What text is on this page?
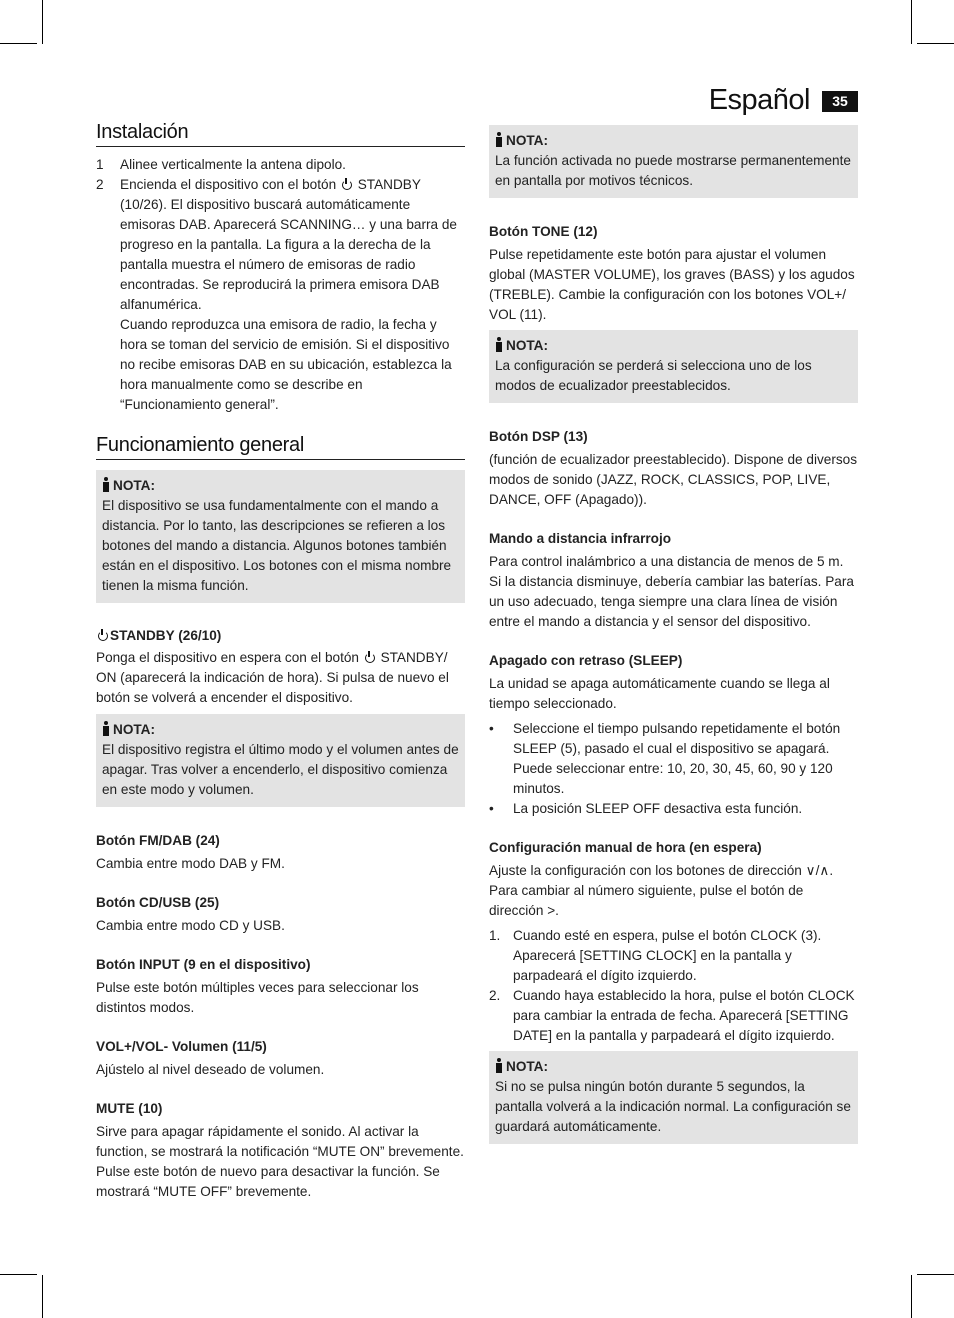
Español	35
Instalación
1 Alinee verticalmente la antena dipolo.
2 Encienda el dispositivo con el botón STANDBY (10/26). El dispositivo buscará automáticamente emisoras DAB. Aparecerá SCANNING… y una barra de progreso en la pantalla. La figura a la derecha de la pantalla muestra el número de emisoras de radio encontradas. Se reproducirá la primera emisora DAB alfanumérica.
Cuando reproduzca una emisora de radio, la fecha y hora se toman del servicio de emisión. Si el dispositivo no recibe emisoras DAB en su ubicación, establezca la hora manualmente como se describe en “Funcionamiento general”.
Funcionamiento general
NOTA:

El dispositivo se usa fundamentalmente con el mando a distancia. Por lo tanto, las descripciones se refieren a los botones del mando a distancia. Algunos botones también están en el dispositivo. Los botones con el misma nombre tienen la misma función.

STANDBY (26/10)

Ponga el dispositivo en espera con el botón STANDBY/ ON (aparecerá la indicación de hora). Si pulsa de nuevo el botón se volverá a encender el dispositivo.

NOTA:

El dispositivo registra el último modo y el volumen antes de apagar. Tras volver a encenderlo, el dispositivo comienza en este modo y volumen.

Botón FM/DAB (24)

Cambia entre modo DAB y FM.

Botón CD/USB (25)

Cambia entre modo CD y USB.

Botón INPUT (9 en el dispositivo)

Pulse este botón múltiples veces para seleccionar los distintos modos.

VOL+/VOL- Volumen (11/5)

Ajústelo al nivel deseado de volumen.

MUTE (10)

Sirve para apagar rápidamente el sonido. Al activar la function, se mostrará la notificación “MUTE ON” brevemente. Pulse este botón de nuevo para desactivar la función. Se mostrará “MUTE OFF” brevemente.

NOTA:

La función activada no puede mostrarse permanentemente en pantalla por motivos técnicos.

Botón TONE (12)

Pulse repetidamente este botón para ajustar el volumen global (MASTER VOLUME), los graves (BASS) y los agudos (TREBLE). Cambie la configuración con los botones VOL+/ VOL (11).

NOTA:

La configuración se perderá si selecciona uno de los modos de ecualizador preestablecidos.

Botón DSP (13)

(función de ecualizador preestablecido). Dispone de diversos modos de sonido (JAZZ, ROCK, CLASSICS, POP, LIVE, DANCE, OFF (Apagado)).

Mando a distancia infrarrojo

Para control inalámbrico a una distancia de menos de 5 m. Si la distancia disminuye, debería cambiar las baterías. Para un uso adecuado, tenga siempre una clara línea de visión entre el mando a distancia y el sensor del dispositivo.

Apagado con retraso (SLEEP)

La unidad se apaga automáticamente cuando se llega al tiempo seleccionado.

• Seleccione el tiempo pulsando repetidamente el botón SLEEP (5), pasado el cual el dispositivo se apagará. Puede seleccionar entre: 10, 20, 30, 45, 60, 90 y 120 minutos.
• La posición SLEEP OFF desactiva esta función.
Configuración manual de hora (en espera)

Ajuste la configuración con los botones de dirección ∨/∧. Para cambiar al número siguiente, pulse el botón de dirección >.

1. Cuando esté en espera, pulse el botón CLOCK (3). Aparecerá [SETTING CLOCK] en la pantalla y parpadeará el dígito izquierdo.
2. Cuando haya establecido la hora, pulse el botón CLOCK para cambiar la entrada de fecha. Aparecerá [SETTING DATE] en la pantalla y parpadeará el dígito izquierdo.
NOTA:

Si no se pulsa ningún botón durante 5 segundos, la pantalla volverá a la indicación normal. La configuración se guardará automáticamente.
